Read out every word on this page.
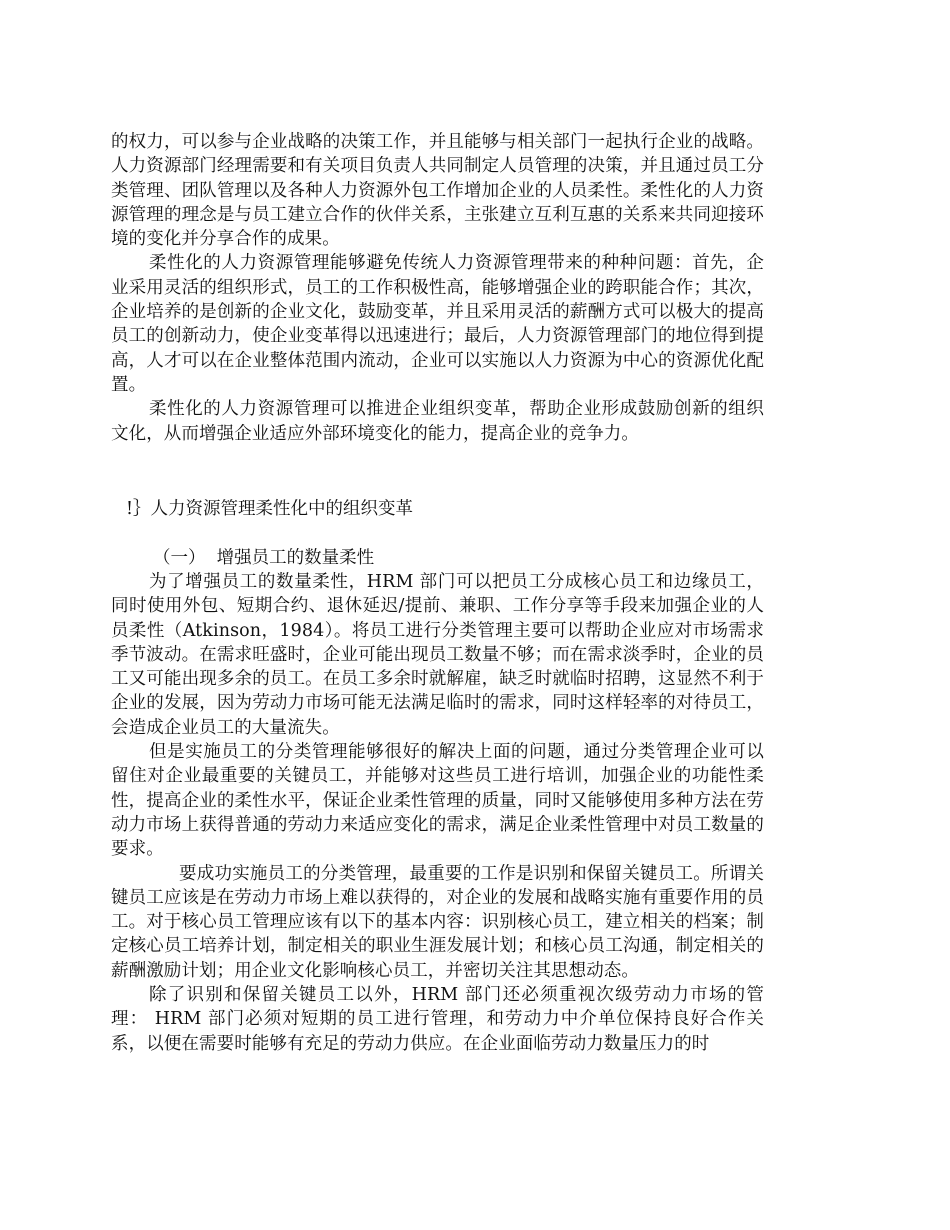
的权力，可以参与企业战略的决策工作，并且能够与相关部门一起执行企业的战略。人力资源部门经理需要和有关项目负责人共同制定人员管理的决策，并且通过员工分类管理、团队管理以及各种人力资源外包工作增加企业的人员柔性。柔性化的人力资源管理的理念是与员工建立合作的伙伴关系，主张建立互利互惠的关系来共同迎接环境的变化并分享合作的成果。

柔性化的人力资源管理能够避免传统人力资源管理带来的种种问题：首先，企业采用灵活的组织形式，员工的工作积极性高，能够增强企业的跨职能合作；其次，企业培养的是创新的企业文化，鼓励变革，并且采用灵活的薪酬方式可以极大的提高员工的创新动力，使企业变革得以迅速进行；最后，人力资源管理部门的地位得到提高，人才可以在企业整体范围内流动，企业可以实施以人力资源为中心的资源优化配置。

柔性化的人力资源管理可以推进企业组织变革，帮助企业形成鼓励创新的组织文化，从而增强企业适应外部环境变化的能力，提高企业的竞争力。

!｝人力资源管理柔性化中的组织变革
（一）  增强员工的数量柔性

为了增强员工的数量柔性，HRM 部门可以把员工分成核心员工和边缘员工，同时使用外包、短期合约、退休延迟/提前、兼职、工作分享等手段来加强企业的人员柔性（Atkinson，1984）。将员工进行分类管理主要可以帮助企业应对市场需求季节波动。在需求旺盛时，企业可能出现员工数量不够；而在需求淡季时，企业的员工又可能出现多余的员工。在员工多余时就解雇，缺乏时就临时招聘，这显然不利于企业的发展，因为劳动力市场可能无法满足临时的需求，同时这样轻率的对待员工，会造成企业员工的大量流失。

但是实施员工的分类管理能够很好的解决上面的问题，通过分类管理企业可以留住对企业最重要的关键员工，并能够对这些员工进行培训，加强企业的功能性柔性，提高企业的柔性水平，保证企业柔性管理的质量，同时又能够使用多种方法在劳动力市场上获得普通的劳动力来适应变化的需求，满足企业柔性管理中对员工数量的要求。

要成功实施员工的分类管理，最重要的工作是识别和保留关键员工。所谓关键员工应该是在劳动力市场上难以获得的，对企业的发展和战略实施有重要作用的员工。对于核心员工管理应该有以下的基本内容：识别核心员工，建立相关的档案；制定核心员工培养计划，制定相关的职业生涯发展计划；和核心员工沟通，制定相关的薪酬激励计划；用企业文化影响核心员工，并密切关注其思想动态。

除了识别和保留关键员工以外，HRM 部门还必须重视次级劳动力市场的管理： HRM 部门必须对短期的员工进行管理，和劳动力中介单位保持良好合作关系，以便在需要时能够有充足的劳动力供应。在企业面临劳动力数量压力的时
